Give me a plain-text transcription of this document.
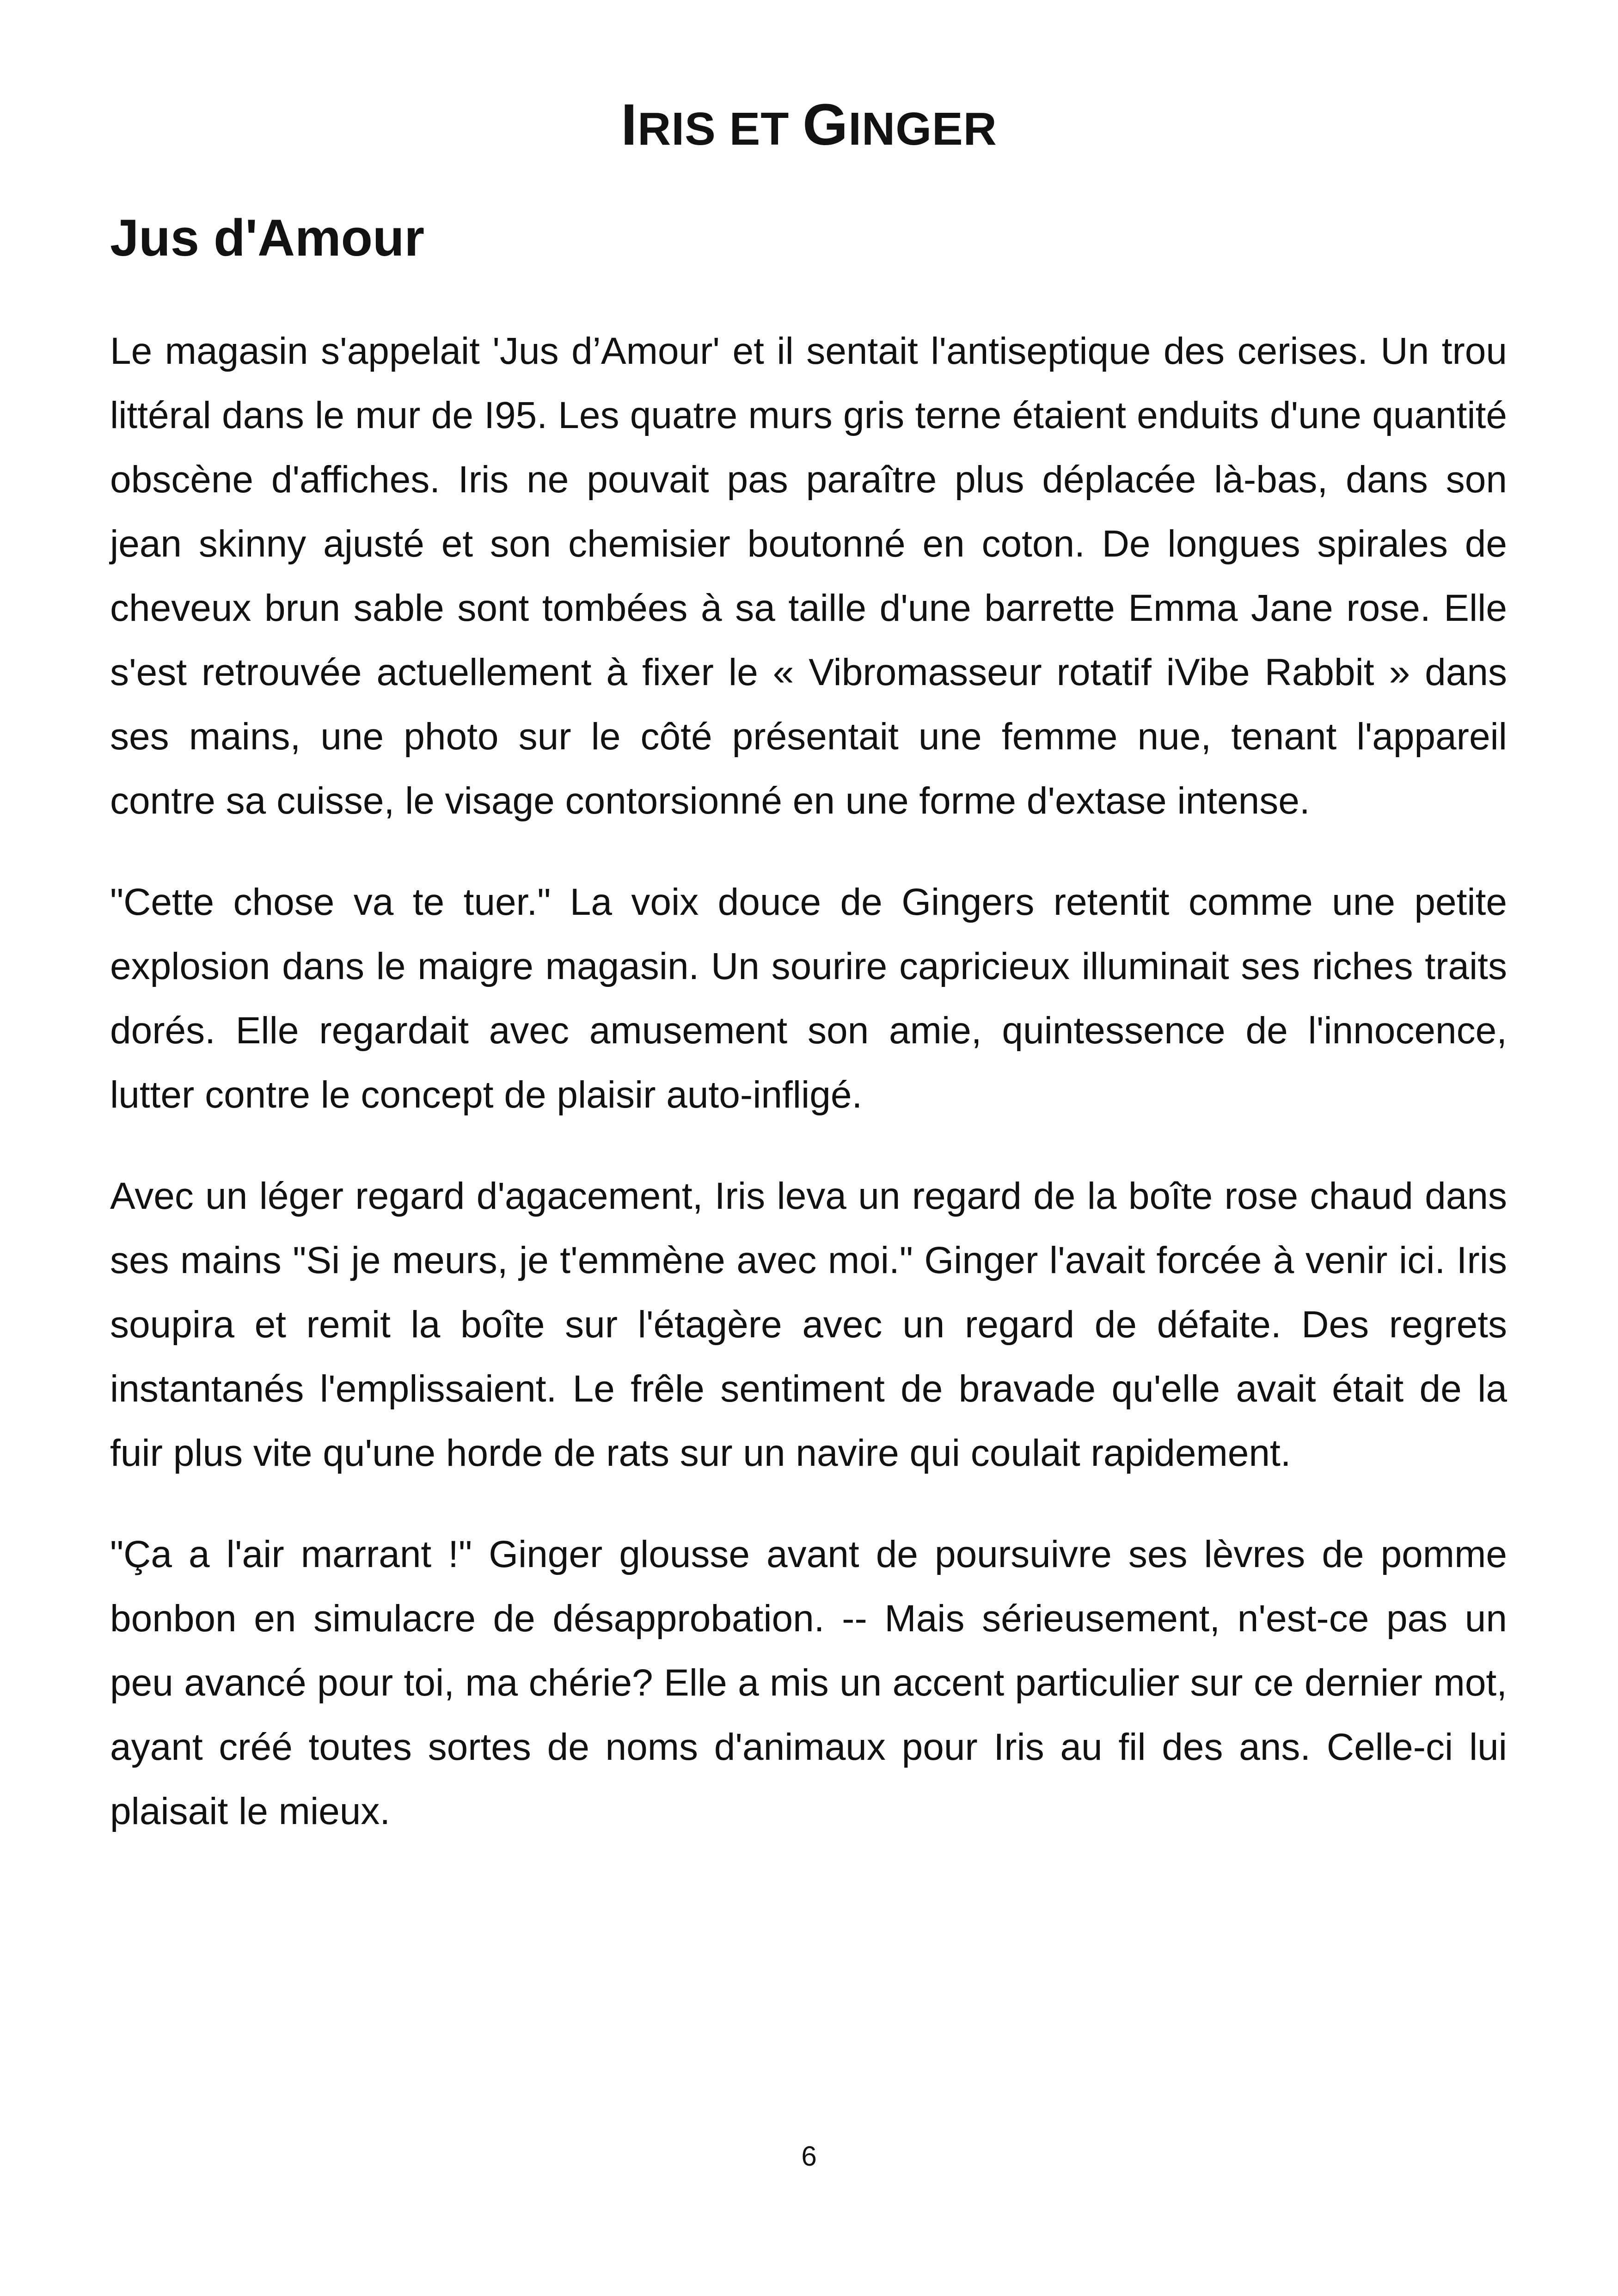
IRIS ET GINGER
Jus d'Amour

Le magasin s'appelait 'Jus d’Amour' et il sentait l'antiseptique des cerises. Un trou littéral dans le mur de I95. Les quatre murs gris terne étaient enduits d'une quantité obscène d'affiches. Iris ne pouvait pas paraître plus déplacée là-bas, dans son jean skinny ajusté et son chemisier boutonné en coton. De longues spirales de cheveux brun sable sont tombées à sa taille d'une barrette Emma Jane rose. Elle s'est retrouvée actuellement à fixer le « Vibromasseur rotatif iVibe Rabbit » dans ses mains, une photo sur le côté présentait une femme nue, tenant l'appareil contre sa cuisse, le visage contorsionné en une forme d'extase intense.

"Cette chose va te tuer." La voix douce de Gingers retentit comme une petite explosion dans le maigre magasin. Un sourire capricieux illuminait ses riches traits dorés. Elle regardait avec amusement son amie, quintessence de l'innocence, lutter contre le concept de plaisir auto-infligé.

Avec un léger regard d'agacement, Iris leva un regard de la boîte rose chaud dans ses mains "Si je meurs, je t'emmène avec moi." Ginger l'avait forcée à venir ici. Iris soupira et remit la boîte sur l'étagère avec un regard de défaite. Des regrets instantanés l'emplissaient. Le frêle sentiment de bravade qu'elle avait était de la fuir plus vite qu'une horde de rats sur un navire qui coulait rapidement.

"Ça a l'air marrant !" Ginger glousse avant de poursuivre ses lèvres de pomme bonbon en simulacre de désapprobation. -- Mais sérieusement, n'est-ce pas un peu avancé pour toi, ma chérie? Elle a mis un accent particulier sur ce dernier mot, ayant créé toutes sortes de noms d'animaux pour Iris au fil des ans. Celle-ci lui plaisait le mieux.

6
